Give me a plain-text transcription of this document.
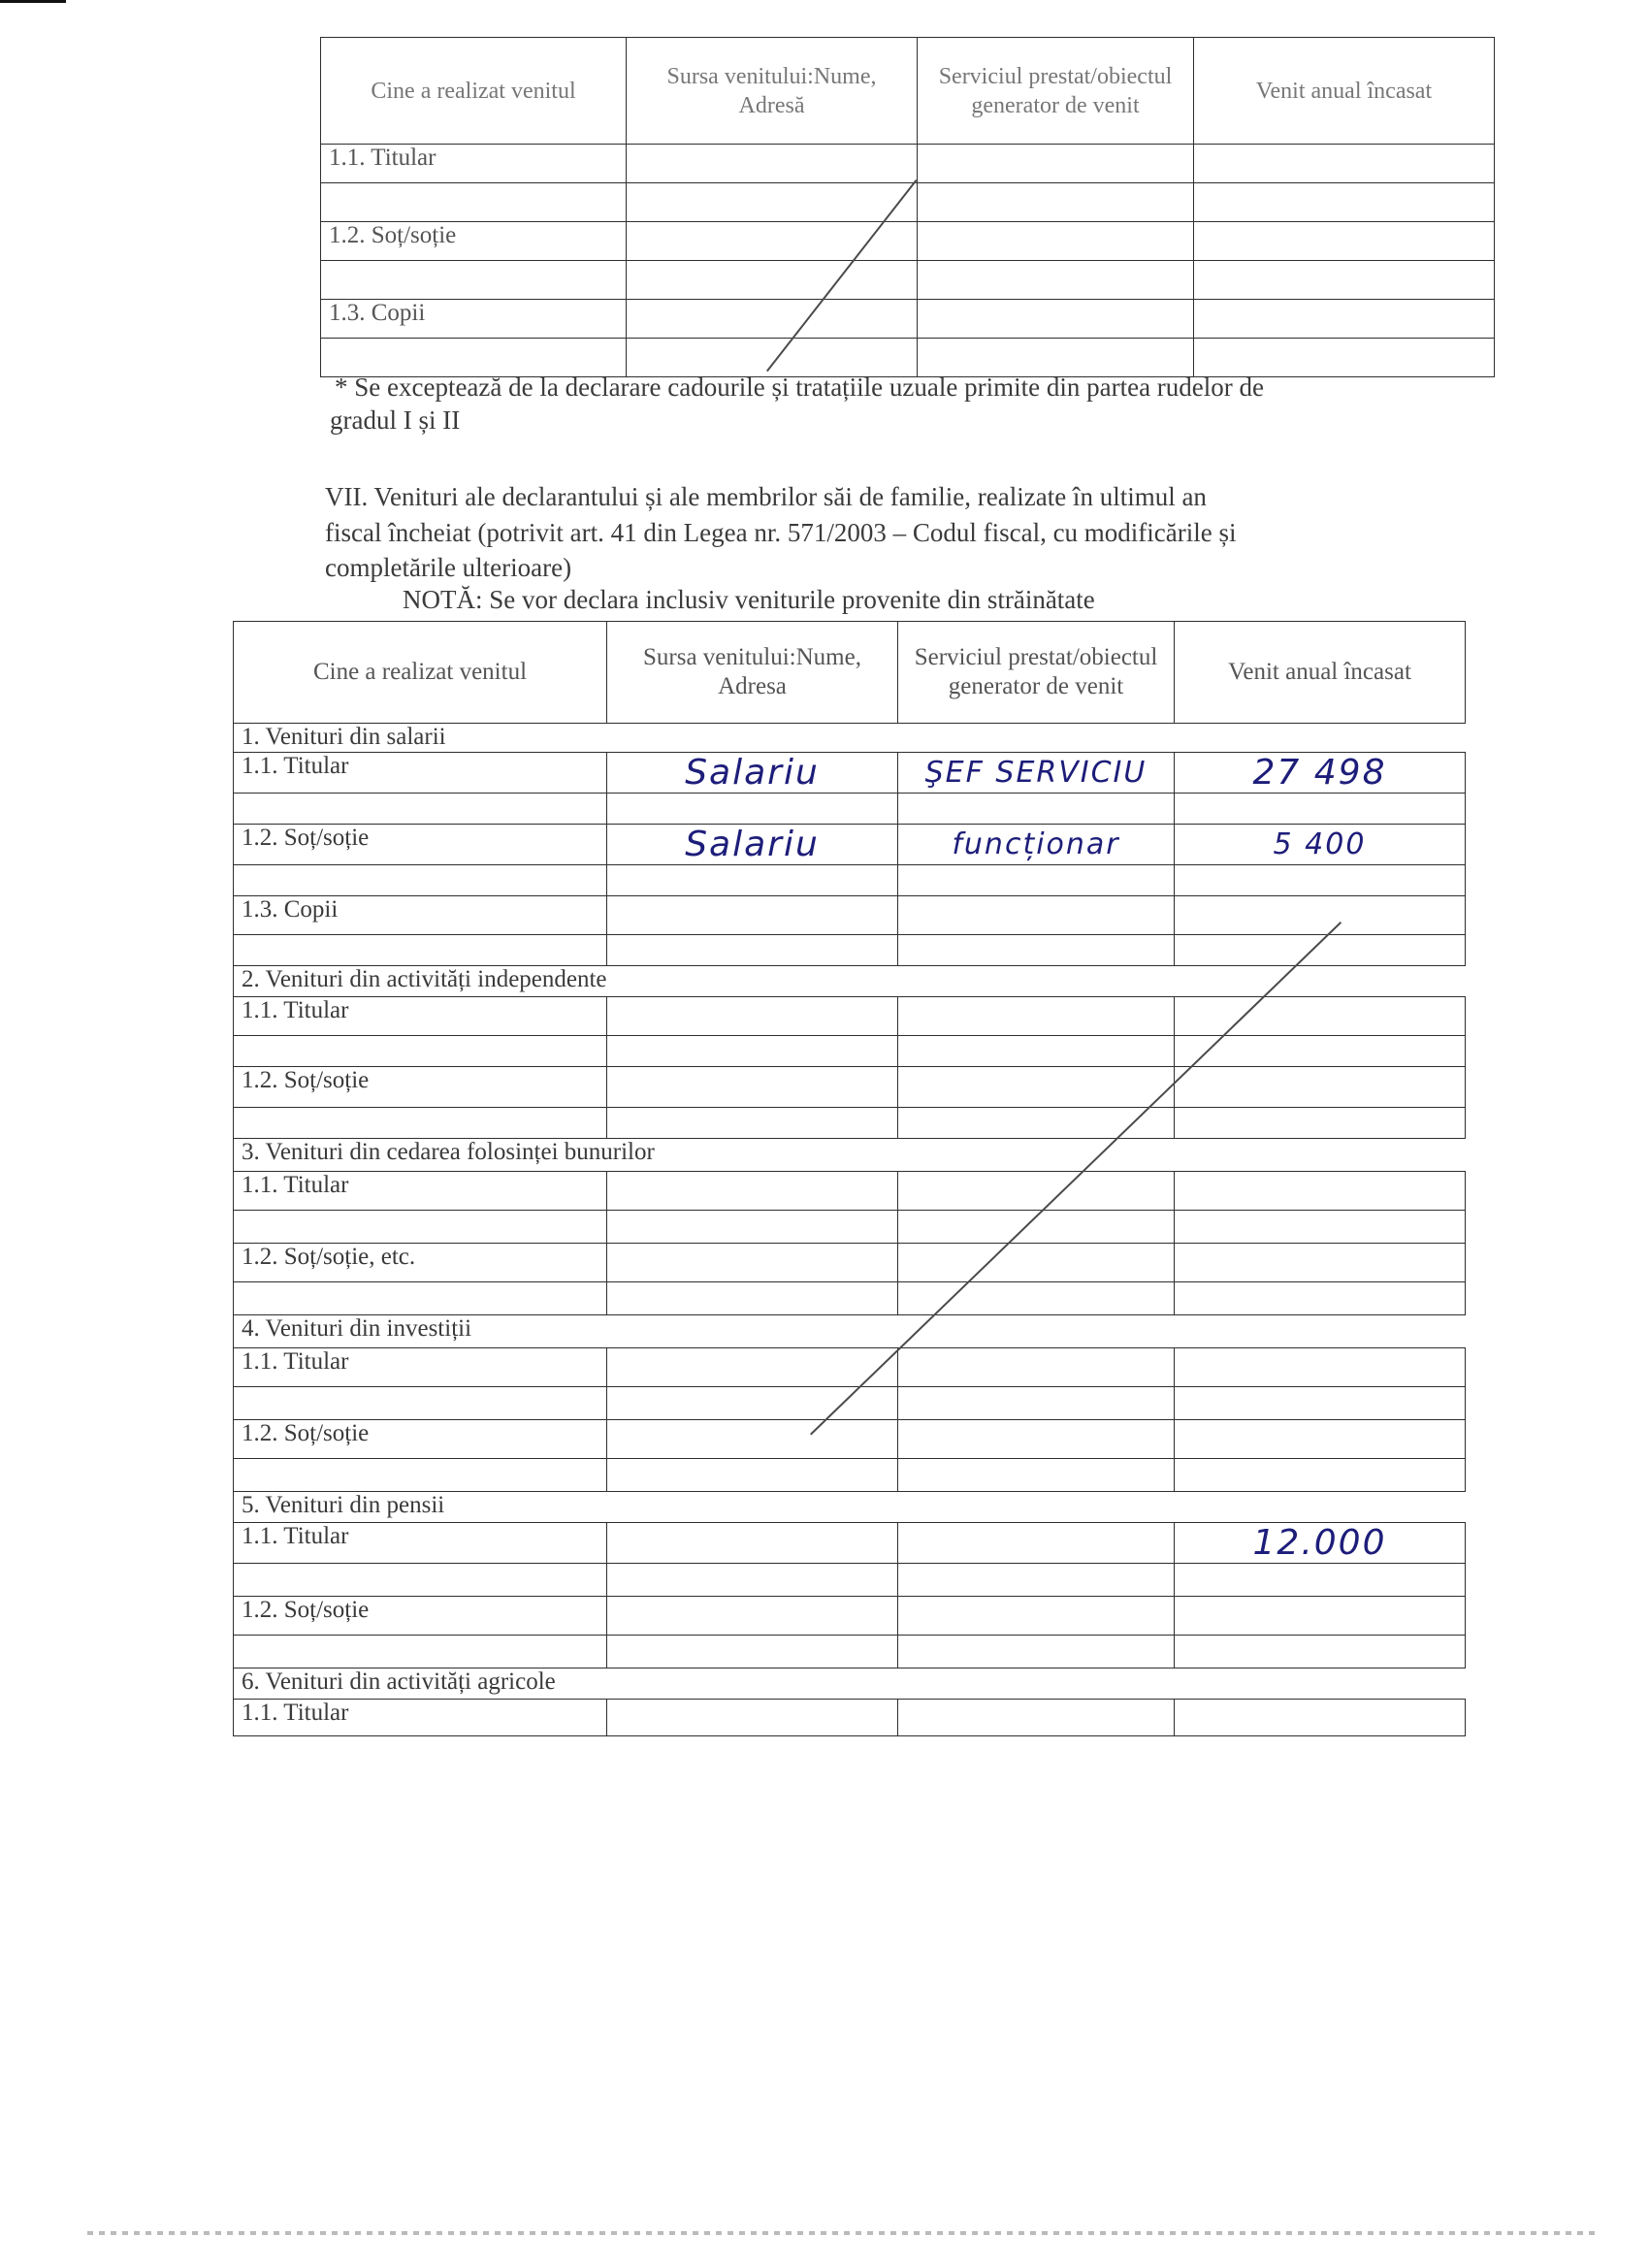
Cine a realizat venitul	Sursa venitului:Nume, Adresă	Serviciul prestat/obiectul generator de venit	Venit anual încasat
1.1. Titular			

1.2. Soț/soție			

1.3. Copii			

* Se exceptează de la declarare cadourile și tratațiile uzuale primite din partea rudelor de
gradul I și II
VII. Venituri ale declarantului și ale membrilor săi de familie, realizate în ultimul an
fiscal încheiat (potrivit art. 41 din Legea nr. 571/2003 – Codul fiscal, cu modificările și
completările ulterioare)
NOTĂ: Se vor declara inclusiv veniturile provenite din străinătate
Cine a realizat venitul	Sursa venitului:Nume, Adresa	Serviciul prestat/obiectul generator de venit	Venit anual încasat
1. Venituri din salarii			
1.1. Titular	Salariu	ŞEF SERVICIU	27 498

1.2. Soț/soție	Salariu	funcționar	5 400

1.3. Copii			

2. Venituri din activități independente			
1.1. Titular			

1.2. Soț/soție			

3. Venituri din cedarea folosinței bunurilor			
1.1. Titular			

1.2. Soț/soție, etc.			

4. Venituri din investiții			
1.1. Titular			

1.2. Soț/soție			

5. Venituri din pensii			
1.1. Titular			12.000

1.2. Soț/soție			

6. Venituri din activități agricole			
1.1. Titular			
